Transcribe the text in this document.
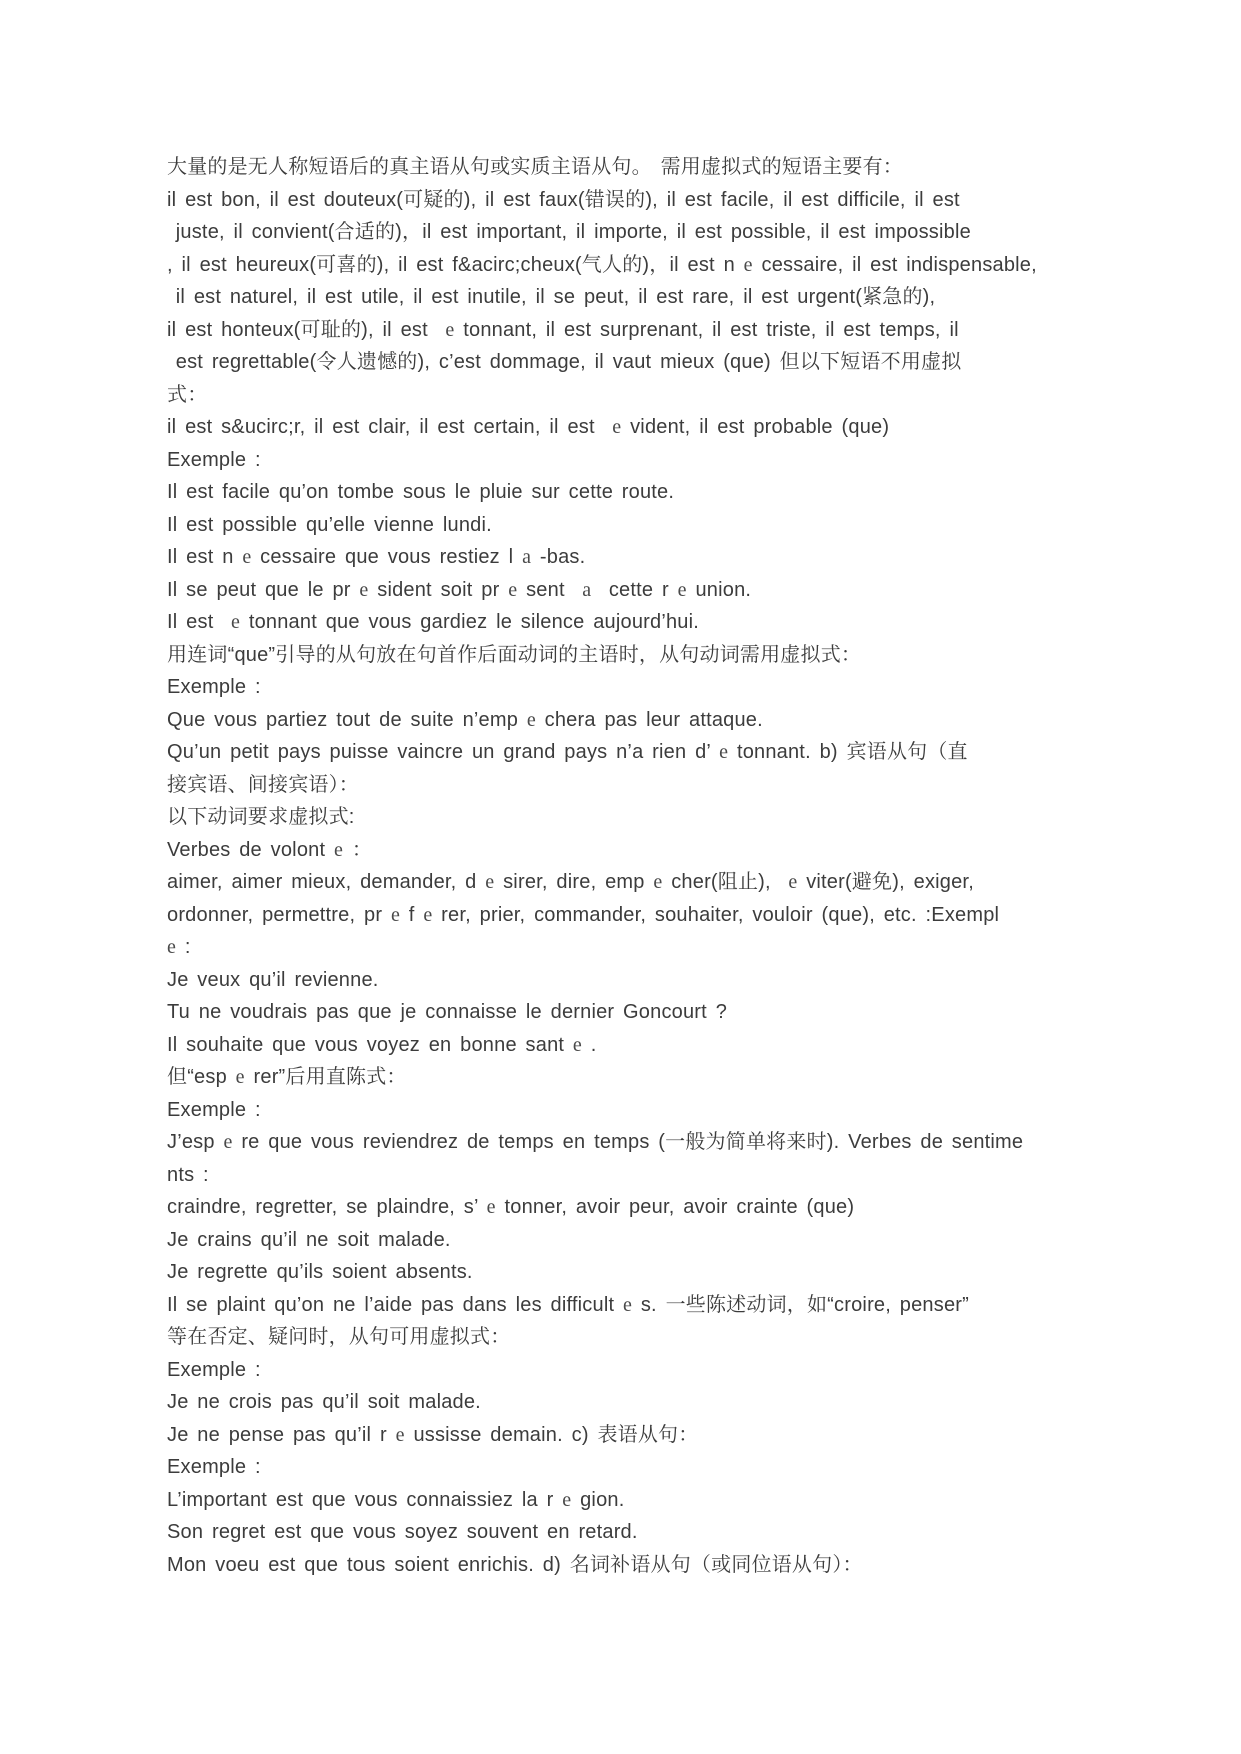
大量的是无人称短语后的真主语从句或实质主语从句。 需用虚拟式的短语主要有：
il est bon, il est douteux(可疑的), il est faux(错误的), il est facile, il est difficile, il est
juste, il convient(合适的)，il est important, il importe, il est possible, il est impossible
, il est heureux(可喜的), il est f&acirc;cheux(气人的)，il est n e cessaire, il est indispensable,
il est naturel, il est utile, il est inutile, il se peut, il est rare, il est urgent(紧急的),
il est honteux(可耻的), il est e tonnant, il est surprenant, il est triste, il est temps, il
est regrettable(令人遗憾的), c’est dommage, il vaut mieux (que) 但以下短语不用虚拟
式：
il est s&ucirc;r, il est clair, il est certain, il est e vident, il est probable (que)
Exemple :
Il est facile qu’on tombe sous le pluie sur cette route.
Il est possible qu’elle vienne lundi.
Il est n e cessaire que vous restiez l a -bas.
Il se peut que le pr e sident soit pr e sent a cette r e union.
Il est e tonnant que vous gardiez le silence aujourd’hui.
用连词“que”引导的从句放在句首作后面动词的主语时，从句动词需用虚拟式：
Exemple :
Que vous partiez tout de suite n’emp e chera pas leur attaque.
Qu’un petit pays puisse vaincre un grand pays n’a rien d’ e tonnant. b) 宾语从句（直
接宾语、间接宾语）：
以下动词要求虚拟式:
Verbes de volont e ：
aimer, aimer mieux, demander, d e sirer, dire, emp e cher(阻止), e viter(避免), exiger,
ordonner, permettre, pr e f e rer, prier, commander, souhaiter, vouloir (que), etc. :Exempl
e :
Je veux qu’il revienne.
Tu ne voudrais pas que je connaisse le dernier Goncourt ?
Il souhaite que vous voyez en bonne sant e .
但“esp e rer”后用直陈式：
Exemple :
J’esp e re que vous reviendrez de temps en temps (一般为简单将来时). Verbes de sentime
nts :
craindre, regretter, se plaindre, s’ e tonner, avoir peur, avoir crainte (que)
Je crains qu’il ne soit malade.
Je regrette qu’ils soient absents.
Il se plaint qu’on ne l’aide pas dans les difficult e s. 一些陈述动词，如“croire, penser”
等在否定、疑问时，从句可用虚拟式：
Exemple :
Je ne crois pas qu’il soit malade.
Je ne pense pas qu’il r e ussisse demain. c) 表语从句：
Exemple :
L’important est que vous connaissiez la r e gion.
Son regret est que vous soyez souvent en retard.
Mon voeu est que tous soient enrichis. d) 名词补语从句（或同位语从句）：
